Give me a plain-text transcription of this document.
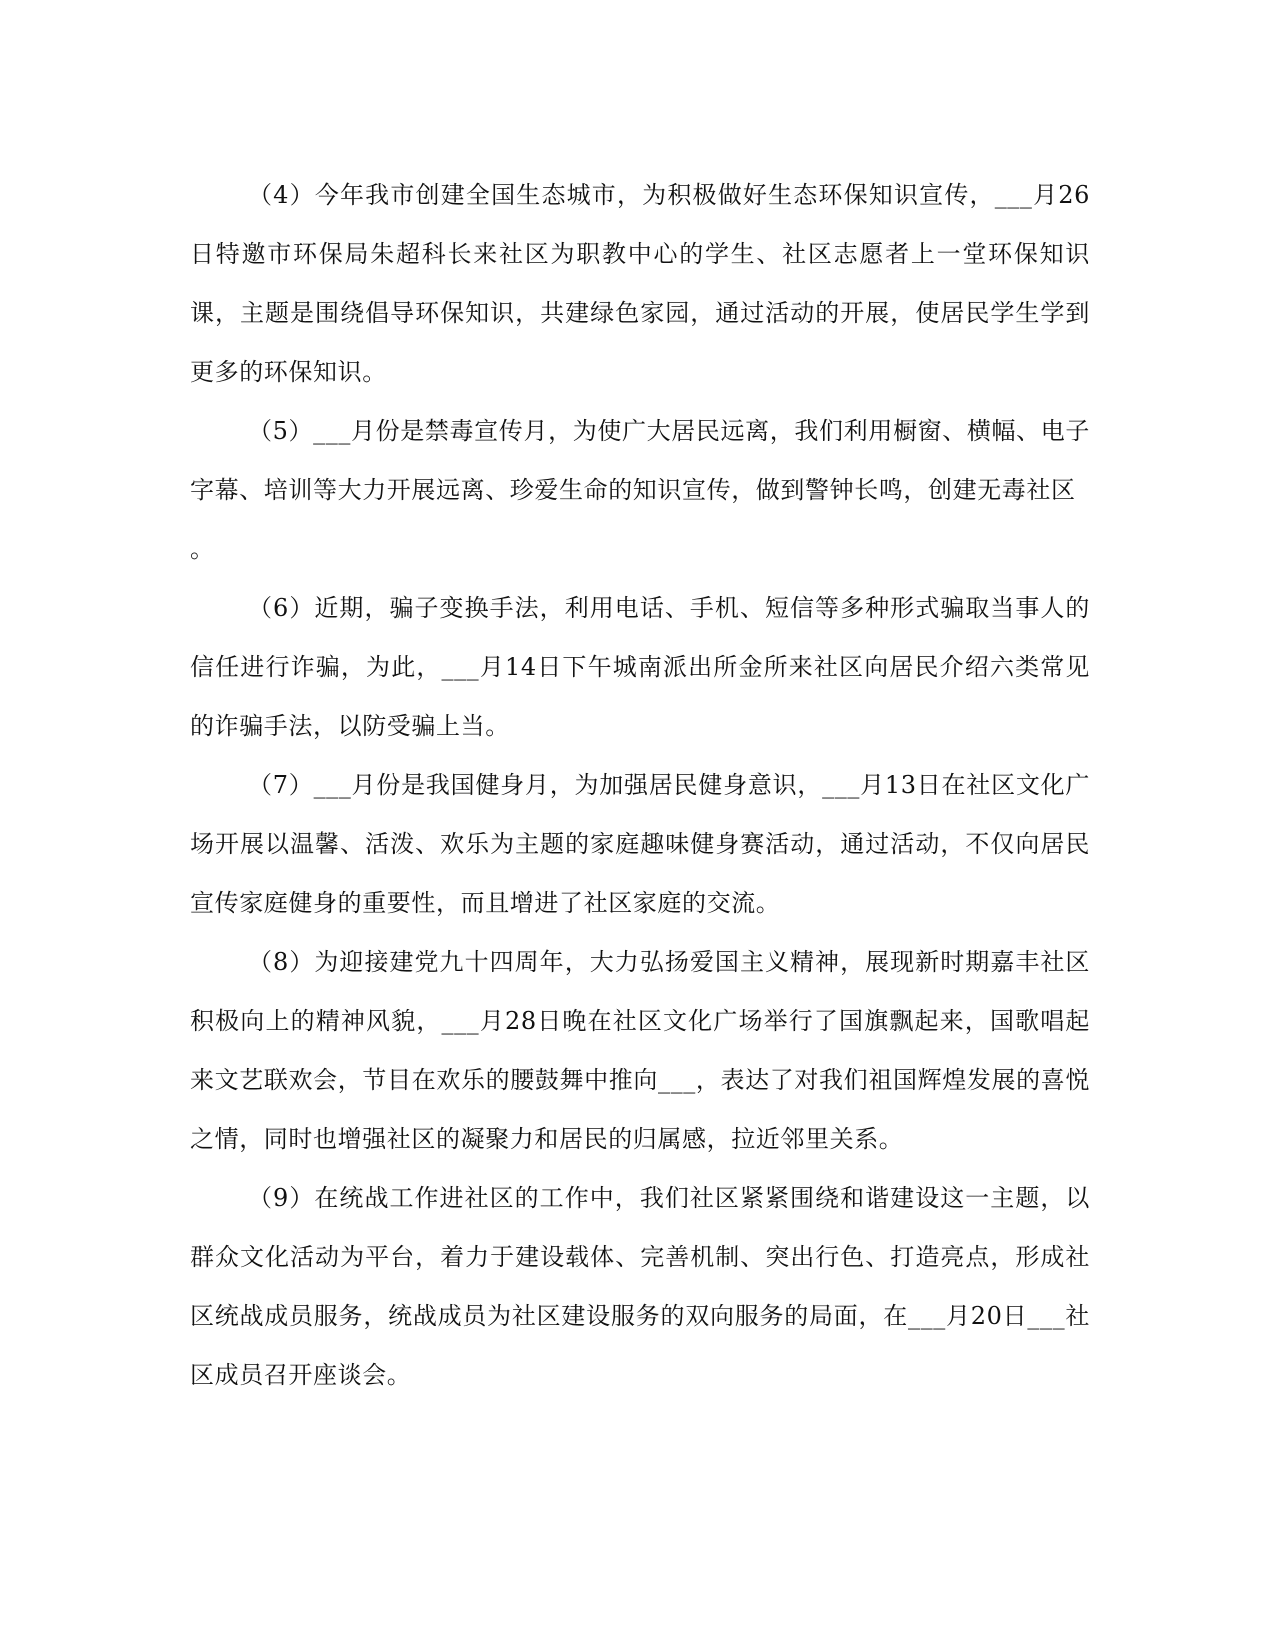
（4）今年我市创建全国生态城市，为积极做好生态环保知识宣传，___月26日特邀市环保局朱超科长来社区为职教中心的学生、社区志愿者上一堂环保知识课，主题是围绕倡导环保知识，共建绿色家园，通过活动的开展，使居民学生学到更多的环保知识。

（5）___月份是禁毒宣传月，为使广大居民远离，我们利用橱窗、横幅、电子字幕、培训等大力开展远离、珍爱生命的知识宣传，做到警钟长鸣，创建无毒社区
。

（6）近期，骗子变换手法，利用电话、手机、短信等多种形式骗取当事人的信任进行诈骗，为此，___月14日下午城南派出所金所来社区向居民介绍六类常见的诈骗手法，以防受骗上当。

（7）___月份是我国健身月，为加强居民健身意识，___月13日在社区文化广场开展以温馨、活泼、欢乐为主题的家庭趣味健身赛活动，通过活动，不仅向居民宣传家庭健身的重要性，而且增进了社区家庭的交流。

（8）为迎接建党九十四周年，大力弘扬爱国主义精神，展现新时期嘉丰社区积极向上的精神风貌，___月28日晚在社区文化广场举行了国旗飘起来，国歌唱起来文艺联欢会，节目在欢乐的腰鼓舞中推向___，表达了对我们祖国辉煌发展的喜悦之情，同时也增强社区的凝聚力和居民的归属感，拉近邻里关系。

（9）在统战工作进社区的工作中，我们社区紧紧围绕和谐建设这一主题，以群众文化活动为平台，着力于建设载体、完善机制、突出行色、打造亮点，形成社区统战成员服务，统战成员为社区建设服务的双向服务的局面，在___月20日___社区成员召开座谈会。
